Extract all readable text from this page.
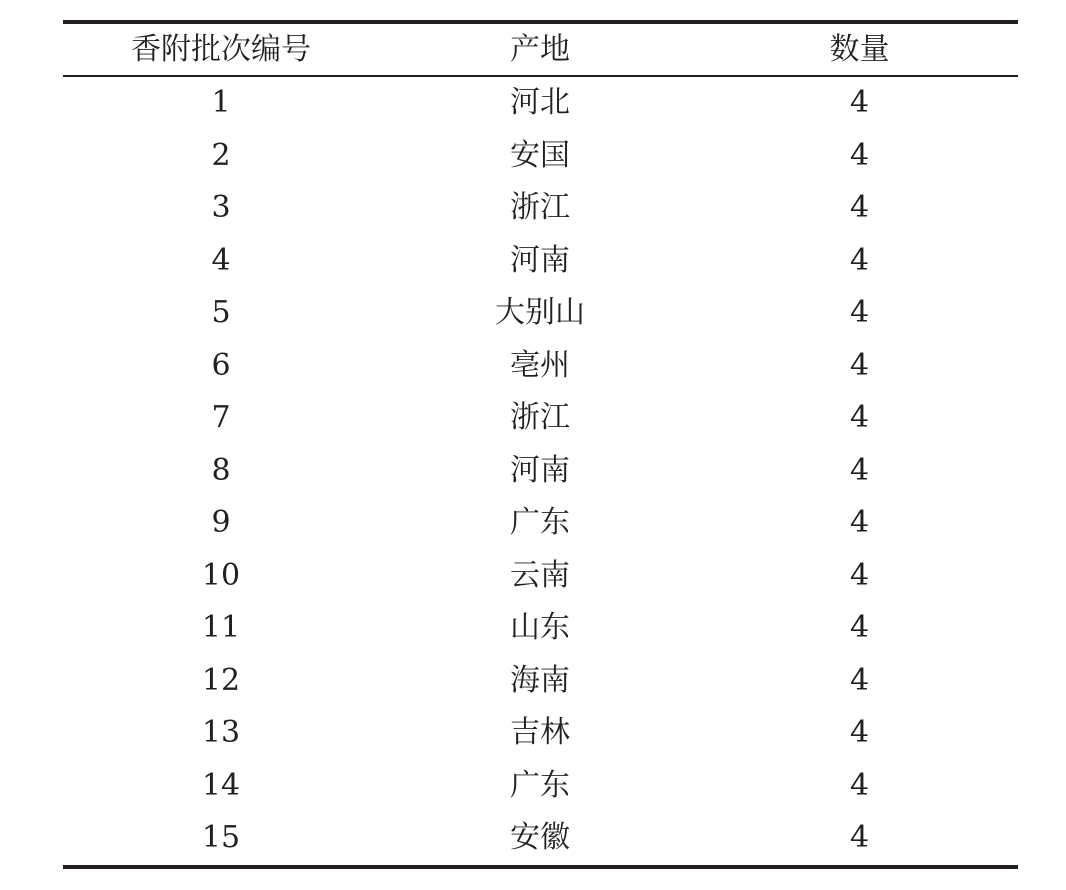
香附批次编号	产地	数量
1	河北	4
2	安国	4
3	浙江	4
4	河南	4
5	大别山	4
6	亳州	4
7	浙江	4
8	河南	4
9	广东	4
10	云南	4
11	山东	4
12	海南	4
13	吉林	4
14	广东	4
15	安徽	4
